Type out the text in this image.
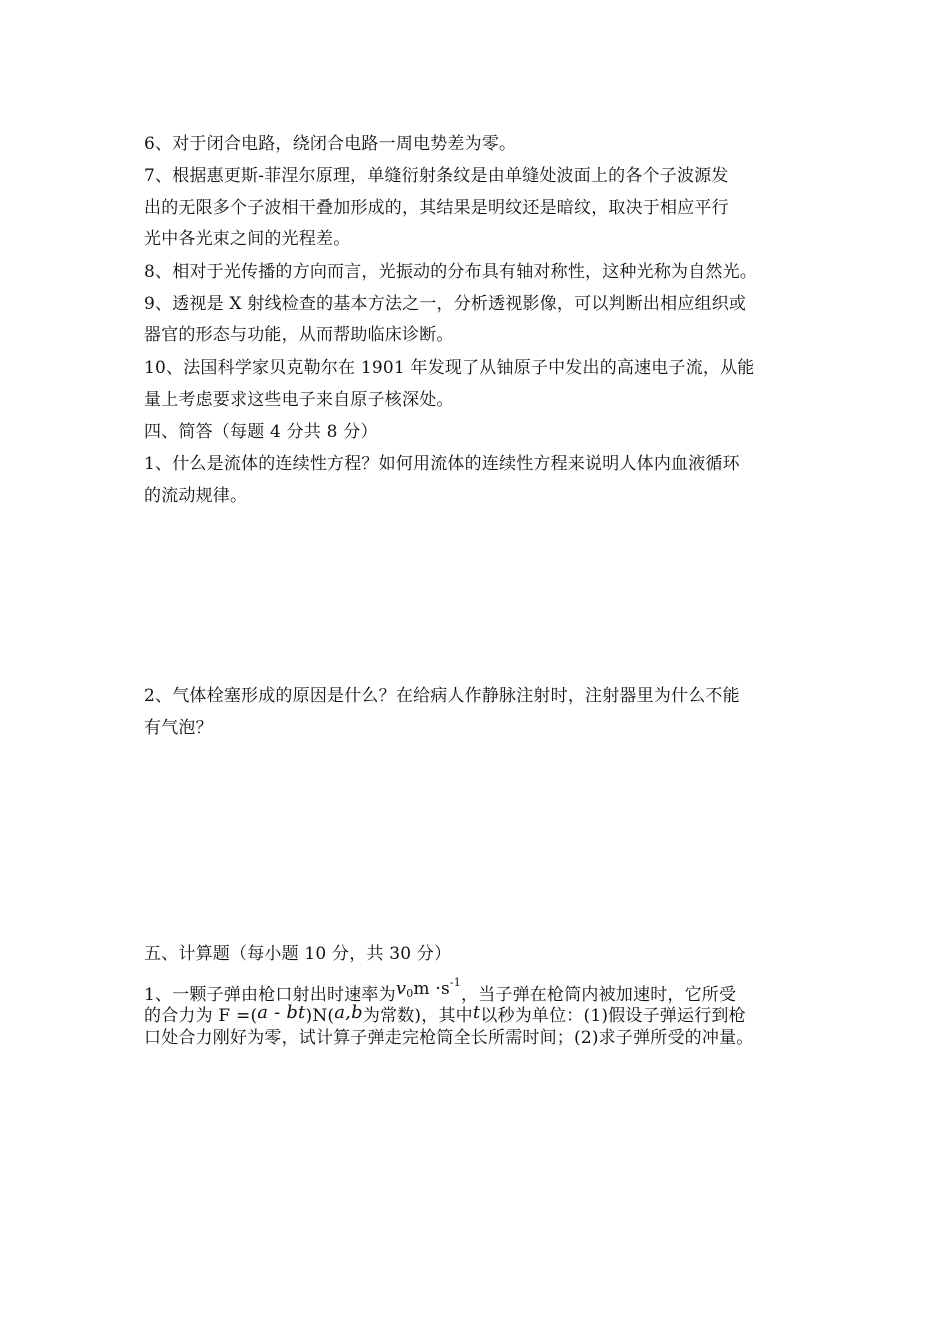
6、对于闭合电路，绕闭合电路一周电势差为零。
7、根据惠更斯-菲涅尔原理，单缝衍射条纹是由单缝处波面上的各个子波源发
出的无限多个子波相干叠加形成的，其结果是明纹还是暗纹，取决于相应平行
光中各光束之间的光程差。
8、相对于光传播的方向而言，光振动的分布具有轴对称性，这种光称为自然光。
9、透视是 X 射线检查的基本方法之一，分析透视影像，可以判断出相应组织或
器官的形态与功能，从而帮助临床诊断。
10、法国科学家贝克勒尔在 1901 年发现了从铀原子中发出的高速电子流，从能
量上考虑要求这些电子来自原子核深处。
四、简答（每题 4 分共 8 分）
1、什么是流体的连续性方程？如何用流体的连续性方程来说明人体内血液循环
的流动规律。
2、气体栓塞形成的原因是什么？在给病人作静脉注射时，注射器里为什么不能
有气泡？
五、计算题（每小题 10 分，共 30 分）
1、一颗子弹由枪口射出时速率为$v_0m \cdot s^{-1}$，当子弹在枪筒内被加速时，它所受
的合力为 F =(a - bt)N(a,b为常数)，其中t以秒为单位：(1)假设子弹运行到枪
口处合力刚好为零，试计算子弹走完枪筒全长所需时间；(2)求子弹所受的冲量。
